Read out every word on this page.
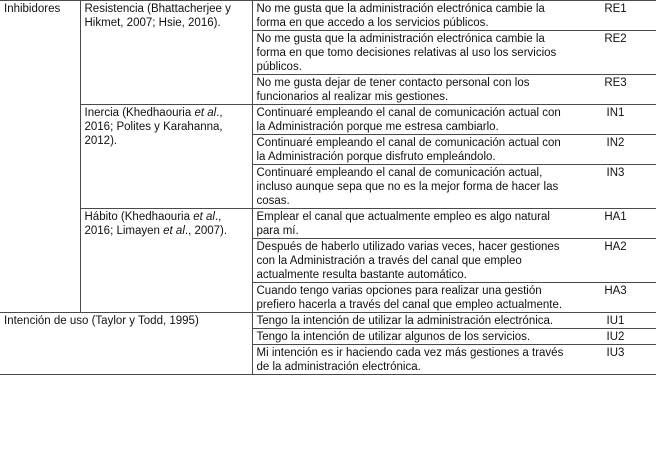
Inhibidores	Resistencia (Bhattacherjee y Hikmet, 2007; Hsie, 2016).	No me gusta que la administración electrónica cambie la forma en que accedo a los servicios públicos.	RE1

		No me gusta que la administración electrónica cambie la forma en que tomo decisiones relativas al uso los servicios públicos.	RE2

		No me gusta dejar de tener contacto personal con los funcionarios al realizar mis gestiones.	RE3
	Inercia (Khedhaouria et al., 2016; Polites y Karahanna, 2012).	Continuaré empleando el canal de comunicación actual con la Administración porque me estresa cambiarlo.	IN1

		Continuaré empleando el canal de comunicación actual con la Administración porque disfruto empleándolo.	IN2

		Continuaré empleando el canal de comunicación actual, incluso aunque sepa que no es la mejor forma de hacer las cosas.	IN3
	Hábito (Khedhaouria et al., 2016; Limayen et al., 2007).	Emplear el canal que actualmente empleo es algo natural para mí.	HA1

		Después de haberlo utilizado varias veces, hacer gestiones con la Administración a través del canal que empleo actualmente resulta bastante automático.	HA2

		Cuando tengo varias opciones para realizar una gestión prefiero hacerla a través del canal que empleo actualmente.	HA3

Intención de uso (Taylor y Todd, 1995)		Tengo la intención de utilizar la administración electrónica.	IU1

		Tengo la intención de utilizar algunos de los servicios.	IU2

		Mi intención es ir haciendo cada vez más gestiones a través de la administración electrónica.	IU3
